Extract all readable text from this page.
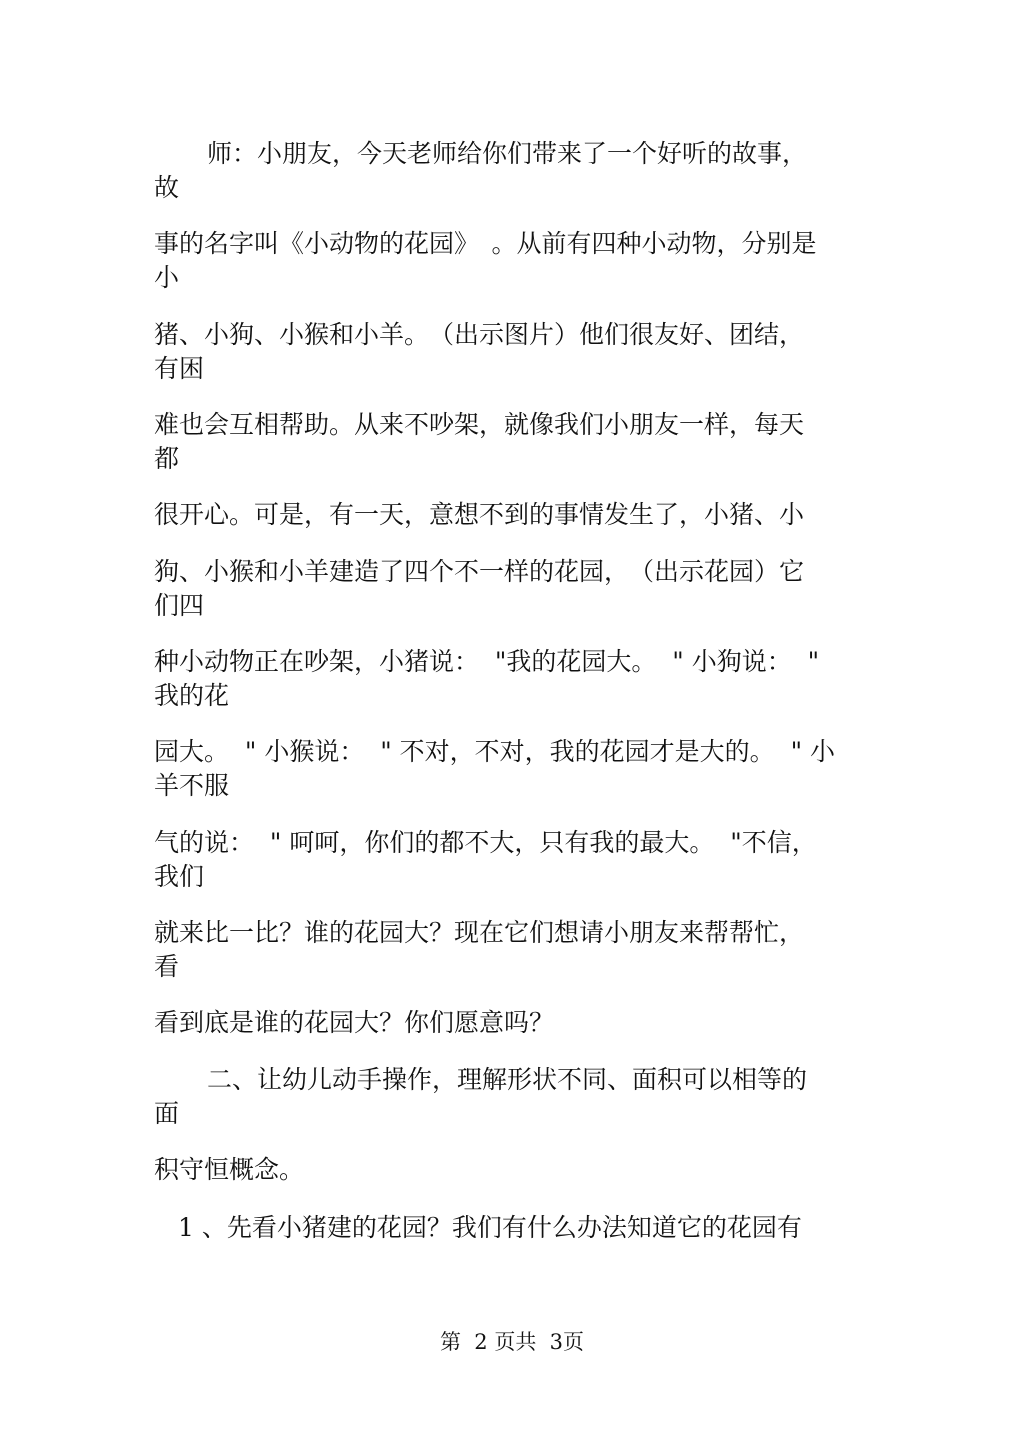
师：小朋友，今天老师给你们带来了一个好听的故事，
故
事的名字叫《小动物的花园》　。从前有四种小动物，分别是
小
猪、小狗、小猴和小羊。　（出示图片）他们很友好、团结，
有困
难也会互相帮助。从来不吵架，就像我们小朋友一样，每天
都
很开心。可是，有一天，意想不到的事情发生了，小猪、小
狗、小猴和小羊建造了四个不一样的花园，　（出示花园）它
们四
种小动物正在吵架，小猪说：  "我的花园大。  " 小狗说：  "
我的花
园大。  " 小猴说：  " 不对，不对，我的花园才是大的。  " 小
羊不服
气的说：  " 呵呵，你们的都不大，只有我的最大。  "不信，
我们
就来比一比？谁的花园大？现在它们想请小朋友来帮帮忙，
看
看到底是谁的花园大？你们愿意吗？
二、让幼儿动手操作，理解形状不同、面积可以相等的
面
积守恒概念。
1 、先看小猪建的花园？我们有什么办法知道它的花园有
第  2 页共  3页
